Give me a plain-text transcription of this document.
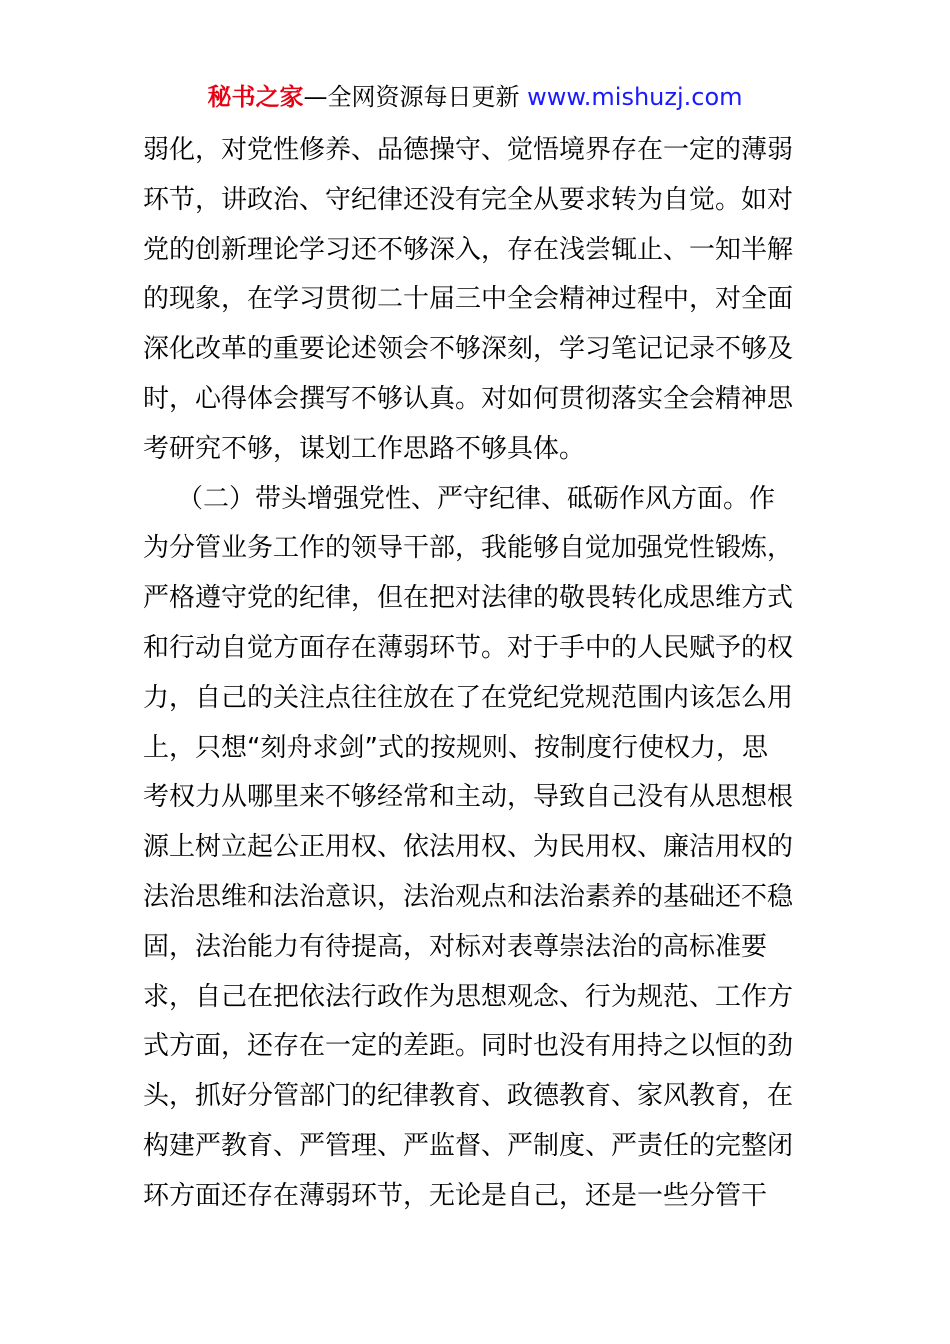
秘书之家—全网资源每日更新 www.mishuzj.com
弱化，对党性修养、品德操守、觉悟境界存在一定的薄弱
环节，讲政治、守纪律还没有完全从要求转为自觉。如对
党的创新理论学习还不够深入，存在浅尝辄止、一知半解
的现象，在学习贯彻二十届三中全会精神过程中，对全面
深化改革的重要论述领会不够深刻，学习笔记记录不够及
时，心得体会撰写不够认真。对如何贯彻落实全会精神思
考研究不够，谋划工作思路不够具体。
（二）带头增强党性、严守纪律、砥砺作风方面。作
为分管业务工作的领导干部，我能够自觉加强党性锻炼，
严格遵守党的纪律，但在把对法律的敬畏转化成思维方式
和行动自觉方面存在薄弱环节。对于手中的人民赋予的权
力，自己的关注点往往放在了在党纪党规范围内该怎么用
上，只想“刻舟求剑”式的按规则、按制度行使权力，思
考权力从哪里来不够经常和主动，导致自己没有从思想根
源上树立起公正用权、依法用权、为民用权、廉洁用权的
法治思维和法治意识，法治观点和法治素养的基础还不稳
固，法治能力有待提高，对标对表尊崇法治的高标准要
求，自己在把依法行政作为思想观念、行为规范、工作方
式方面，还存在一定的差距。同时也没有用持之以恒的劲
头，抓好分管部门的纪律教育、政德教育、家风教育，在
构建严教育、严管理、严监督、严制度、严责任的完整闭
环方面还存在薄弱环节，无论是自己，还是一些分管干
